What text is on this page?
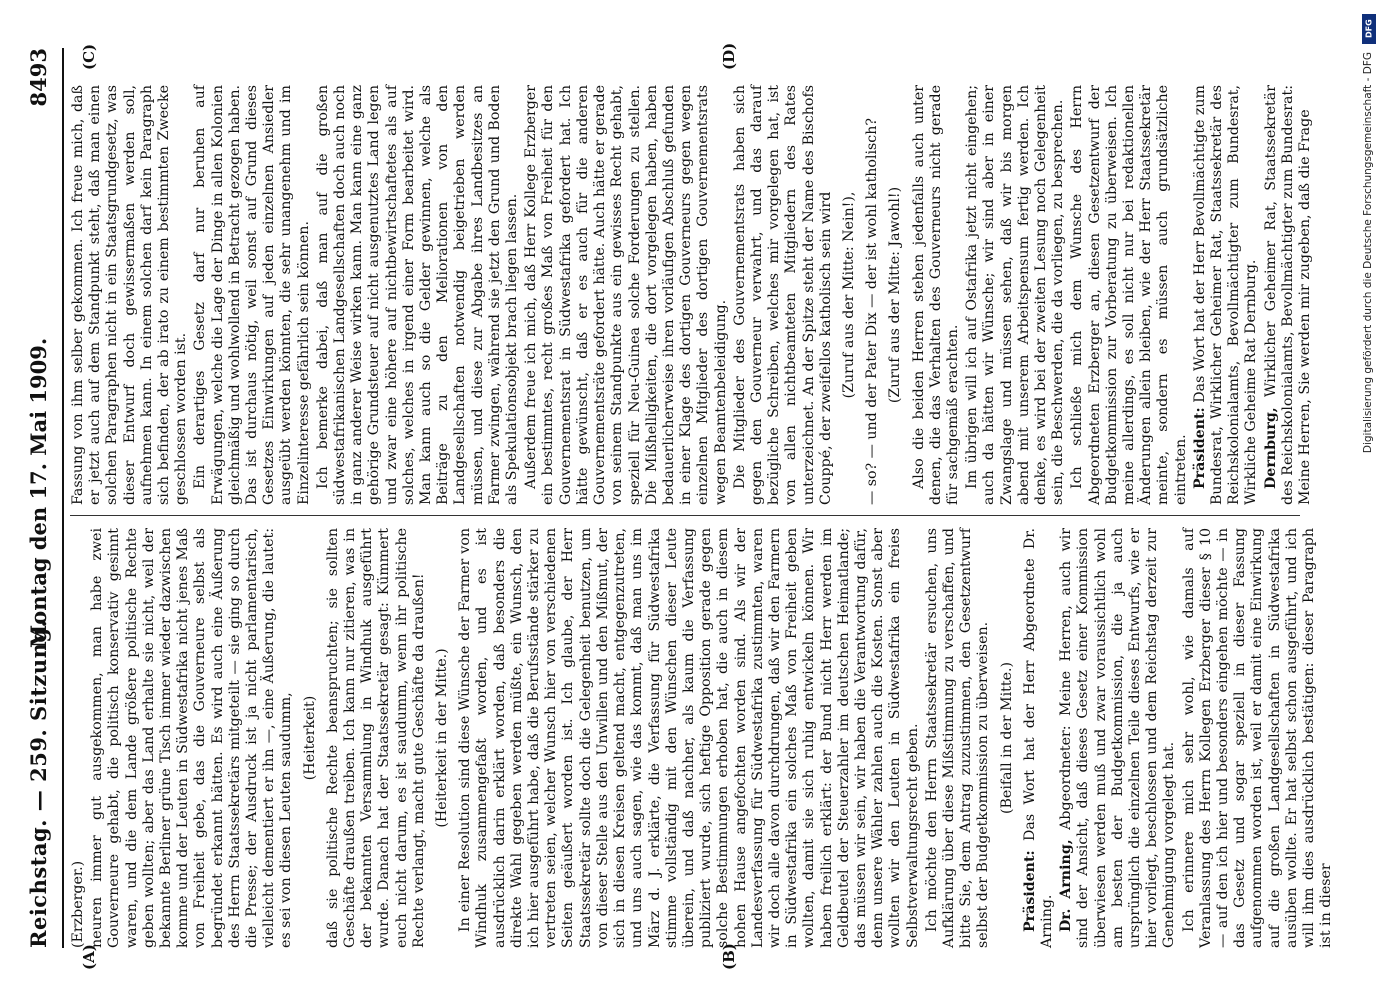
Reichstag. — 259. Sitzung.
Montag den 17. Mai 1909.
8493
(A)	(B)
(C)	(D)

(Erzberger.) neuren immer gut ausgekommen, man habe zwei Gouverneure gehabt, die politisch konservativ gesinnt waren, und die dem Lande größere politische Rechte geben wollten; aber das Land erhalte sie nicht, weil der bekannte Berliner grüne Tisch immer wieder dazwischen komme und der Leuten in Südwestafrika nicht jenes Maß von Freiheit gebe, das die Gouverneure selbst als begründet erkannt hätten. Es wird auch eine Äußerung des Herrn Staatssekretärs mitgeteilt — sie ging so durch die Presse; der Ausdruck ist ja nicht parlamentarisch, vielleicht dementiert er ihn —, eine Äußerung, die lautet: es sei von diesen Leuten saudumm, (Heiterkeit) daß sie politische Rechte beanspruchten; sie sollten Geschäfte draußen treiben. Ich kann nur zitieren, was in der bekannten Versammlung in Windhuk ausgeführt wurde. Danach hat der Staatssekretär gesagt: Kümmert euch nicht darum, es ist saudumm, wenn ihr politische Rechte verlangt, macht gute Geschäfte da draußen! (Heiterkeit in der Mitte.) In einer Resolution sind diese Wünsche der Farmer von Windhuk zusammengefaßt worden, und es ist ausdrücklich darin erklärt worden, daß besonders die direkte Wahl gegeben werden müßte, ein Wunsch, den ich hier ausgeführt habe, daß die Berufsstände stärker zu vertreten seien, welcher Wunsch hier von verschiedenen Seiten geäußert worden ist. Ich glaube, der Herr Staatssekretär sollte doch die Gelegenheit benutzen, um von dieser Stelle aus den Unwillen und den Mißmut, der sich in diesen Kreisen geltend macht, entgegenzutreten, und uns auch sagen, wie das kommt, daß man uns im März d. J. erklärte, die Verfassung für Südwestafrika stimme vollständig mit den Wünschen dieser Leute überein, und daß nachher, als kaum die Verfassung publiziert wurde, sich heftige Opposition gerade gegen solche Bestimmungen erhoben hat, die auch in diesem hohen Hause angefochten worden sind. Als wir der Landesverfassung für Südwestafrika zustimmten, waren wir doch alle davon durchdrungen, daß wir den Farmern in Südwestafrika ein solches Maß von Freiheit geben wollten, damit sie sich ruhig entwickeln können. Wir haben freilich erklärt: der Bund nicht Herr werden im Geldbeutel der Steuerzahler im deutschen Heimatlande; das müssen wir sein, wir haben die Verantwortung dafür, denn unsere Wähler zahlen auch die Kosten. Sonst aber wollten wir den Leuten in Südwestafrika ein freies Selbstverwaltungsrecht geben. Ich möchte den Herrn Staatssekretär ersuchen, uns Aufklärung über diese Mißstimmung zu verschaffen, und bitte Sie, dem Antrag zuzustimmen, den Gesetzentwurf selbst der Budgetkommission zu überweisen. (Beifall in der Mitte.)

Präsident: Das Wort hat der Herr Abgeordnete Dr. Arning. Dr. Arning, Abgeordneter: Meine Herren, auch wir sind der Ansicht, daß dieses Gesetz einer Kommission überwiesen werden muß und zwar voraussichtlich wohl am besten der Budgetkommission, die ja auch ursprünglich die einzelnen Teile dieses Entwurfs, wie er hier vorliegt, beschlossen und dem Reichstag derzeit zur Genehmigung vorgelegt hat. Ich erinnere mich sehr wohl, wie damals auf Veranlassung des Herrn Kollegen Erzberger dieser § 10 — auf den ich hier und besonders eingehen möchte — in das Gesetz und sogar speziell in dieser Fassung aufgenommen worden ist, weil er damit eine Einwirkung auf die großen Landgesellschaften in Südwestafrika ausüben wollte. Er hat selbst schon ausgeführt, und ich will ihm dies ausdrücklich bestätigen: dieser Paragraph ist in dieser

Fassung von ihm selber gekommen. Ich freue mich, daß er jetzt auch auf dem Standpunkt steht, daß man einen solchen Paragraphen nicht in ein Staatsgrundgesetz, was dieser Entwurf doch gewissermaßen werden soll, aufnehmen kann. In einem solchen darf kein Paragraph sich befinden, der ab irato zu einem bestimmten Zwecke geschlossen worden ist. Ein derartiges Gesetz darf nur beruhen auf Erwägungen, welche die Lage der Dinge in allen Kolonien gleichmäßig und wohlwollend in Betracht gezogen haben. Das ist durchaus nötig, weil sonst auf Grund dieses Gesetzes Einwirkungen auf jeden einzelnen Ansiedler ausgeübt werden könnten, die sehr unangenehm und im Einzelinteresse gefährlich sein können. Ich bemerke dabei, daß man auf die großen südwestafrikanischen Landgesellschaften doch auch noch in ganz anderer Weise wirken kann. Man kann eine ganz gehörige Grundsteuer auf nicht ausgenutztes Land legen und zwar eine höhere auf nichtbewirtschaftetes als auf solches, welches in irgend einer Form bearbeitet wird. Man kann auch so die Gelder gewinnen, welche als Beiträge zu den Meliorationen von den Landgesellschaften notwendig beigetrieben werden müssen, und diese zur Abgabe ihres Landbesitzes an Farmer zwingen, während sie jetzt den Grund und Boden als Spekulationsobjekt brach liegen lassen. Außerdem freue ich mich, daß Herr Kollege Erzberger ein bestimmtes, recht großes Maß von Freiheit für den Gouvernementsrat in Südwestafrika gefordert hat. Ich hätte gewünscht, daß er es auch für die anderen Gouvernementsräte gefordert hätte. Auch hätte er gerade von seinem Standpunkte aus ein gewisses Recht gehabt, speziell für Neu-Guinea solche Forderungen zu stellen. Die Mißhelligkeiten, die dort vorgelegen haben, haben bedauerlicherweise ihren vorläufigen Abschluß gefunden in einer Klage des dortigen Gouverneurs gegen wegen einzelnen Mitglieder des dortigen Gouvernementsrats wegen Beamtenbeleidigung. Die Mitglieder des Gouvernementsrats haben sich gegen den Gouverneur verwahrt, und das darauf bezügliche Schreiben, welches mir vorgelegen hat, ist von allen nichtbeamteten Mitgliedern des Rates unterzeichnet. An der Spitze steht der Name des Bischofs Couppé, der zweifellos katholisch sein wird (Zuruf aus der Mitte: Nein!), — so? — und der Pater Dix — der ist wohl katholisch? (Zuruf aus der Mitte: Jawohl!) Also die beiden Herren stehen jedenfalls auch unter denen, die das Verhalten des Gouverneurs nicht gerade für sachgemäß erachten. Im übrigen will ich auf Ostafrika jetzt nicht eingehen; auch da hätten wir Wünsche; wir sind aber in einer Zwangslage und müssen sehen, daß wir bis morgen abend mit unserem Arbeitspensum fertig werden. Ich denke, es wird bei der zweiten Lesung noch Gelegenheit sein, die Beschwerden, die da vorliegen, zu besprechen. Ich schließe mich dem Wunsche des Herrn Abgeordneten Erzberger an, diesen Gesetzentwurf der Budgetkommission zur Vorberatung zu überweisen. Ich meine allerdings, es soll nicht nur bei redaktionellen Änderungen allein bleiben, wie der Herr Staatssekretär meinte, sondern es müssen auch grundsätzliche eintreten. Präsident: Das Wort hat der Herr Bevollmächtigte zum Bundesrat, Wirklicher Geheimer Rat, Staatssekretär des Reichskolonialamts, Bevollmächtigter zum Bundesrat, Wirkliche Geheime Rat Dernburg. Dernburg, Wirklicher Geheimer Rat, Staatssekretär des Reichskolonialamts, Bevollmächtigter zum Bundesrat: Meine Herren, Sie werden mir zugeben, daß die Frage

DFG
Digitalisierung gefördert durch die Deutsche Forschungsgemeinschaft - DFG
